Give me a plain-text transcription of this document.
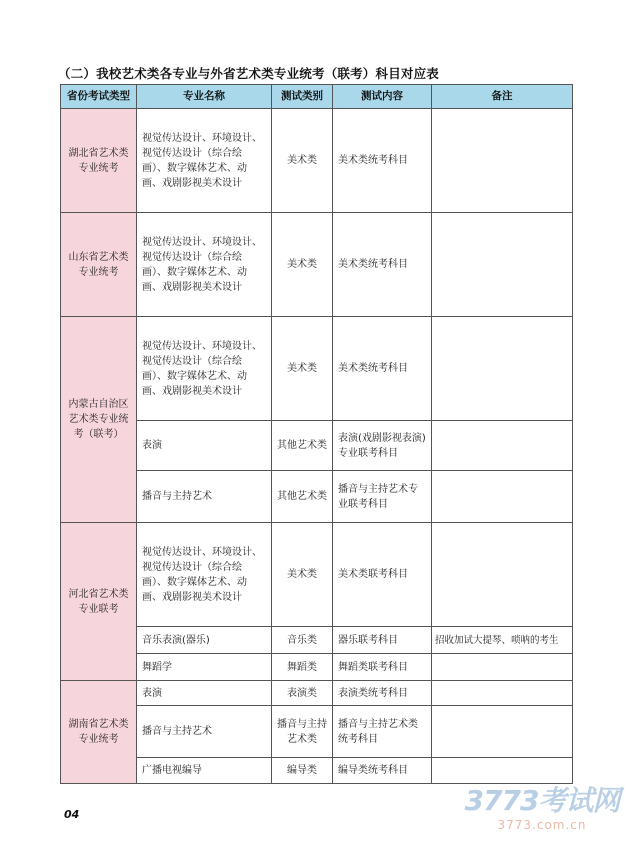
（二）我校艺术类各专业与外省艺术类专业统考（联考）科目对应表
省份考试类型	专业名称	测试类别	测试内容	备注
湖北省艺术类专业统考	视觉传达设计、环境设计、视觉传达设计（综合绘画）、数字媒体艺术、动画、戏剧影视美术设计	美术类	美术类统考科目	
山东省艺术类专业统考	视觉传达设计、环境设计、视觉传达设计（综合绘画）、数字媒体艺术、动画、戏剧影视美术设计	美术类	美术类统考科目	
内蒙古自治区艺术类专业统考（联考）	视觉传达设计、环境设计、视觉传达设计（综合绘画）、数字媒体艺术、动画、戏剧影视美术设计	美术类	美术类统考科目	
	表演	其他艺术类	表演(戏剧影视表演)专业联考科目	
	播音与主持艺术	其他艺术类	播音与主持艺术专业联考科目	
河北省艺术类专业联考	视觉传达设计、环境设计、视觉传达设计（综合绘画）、数字媒体艺术、动画、戏剧影视美术设计	美术类	美术类联考科目	
	音乐表演(器乐)	音乐类	器乐联考科目	招收加试大提琴、唢呐的考生
	舞蹈学	舞蹈类	舞蹈类联考科目	
湖南省艺术类专业统考	表演	表演类	表演类统考科目	
	播音与主持艺术	播音与主持艺术类	播音与主持艺术类统考科目	
	广播电视编导	编导类	编导类统考科目	
04	3773考试网
3773.com.cn
